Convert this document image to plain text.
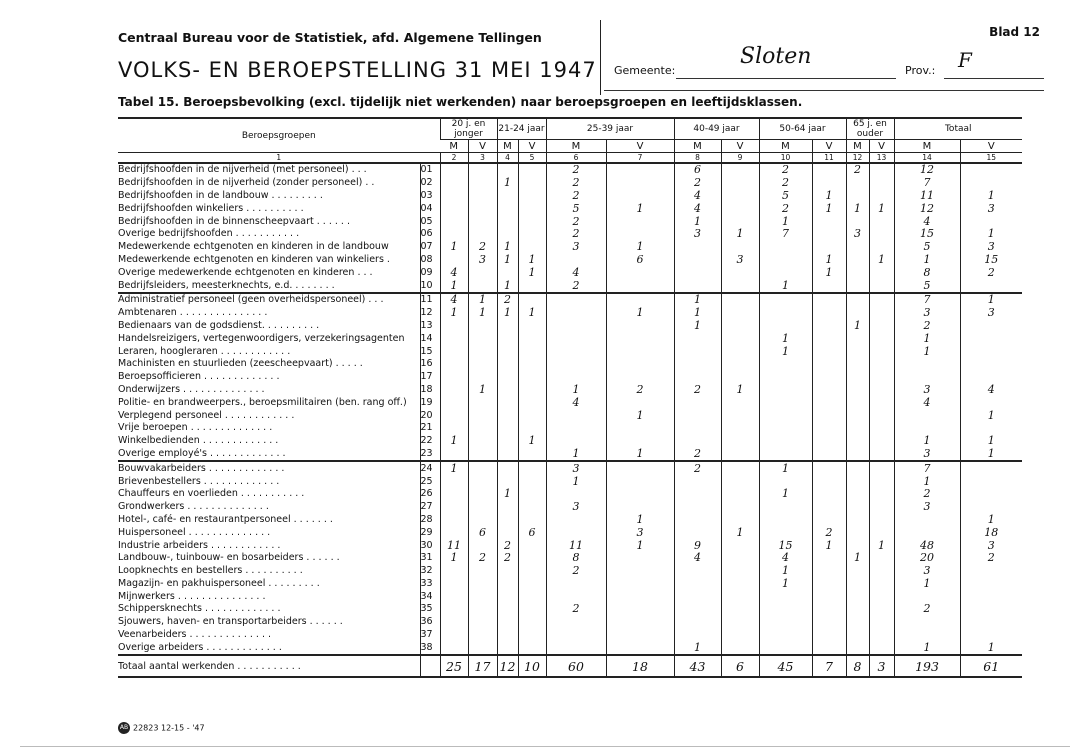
Centraal Bureau voor de Statistiek, afd. Algemene Tellingen
VOLKS- EN BEROEPSTELLING 31 MEI 1947 Gemeente:
Sloten
Prov.: F
Blad 12
Tabel 15. Beroepsbevolking (excl. tijdelijk niet werkenden) naar beroepsgroepen en leeftijdsklassen.
Beroepsgroepen		20 j. en jonger		21-24 jaar		25-39 jaar		40-49 jaar		50-64 jaar		65 j. en ouder		Totaal	
		M	V	M	V	M	V	M	V	M	V	M	V	M	V
1		2	3	4	5	6	7	8	9	10	11	12	13	14	15
Bedrijfshoofden in de nijverheid (met personeel) . . .	01					2		6		2		2		12	
Bedrijfshoofden in de nijverheid (zonder personeel) . .	02			1		2		2		2				7	
Bedrijfshoofden in de landbouw . . . . . . . . .	03					2		4		5	1			11	1
Bedrijfshoofden winkeliers . . . . . . . . . .	04					5	1	4		2	1	1	1	12	3
Bedrijfshoofden in de binnenscheepvaart . . . . . .	05					2		1		1				4	
Overige bedrijfshoofden . . . . . . . . . . .	06					2		3	1	7		3		15	1
Medewerkende echtgenoten en kinderen in de landbouw	07	1	2	1		3	1							5	3
Medewerkende echtgenoten en kinderen van winkeliers .	08		3	1	1		6		3		1		1	1	15
Overige medewerkende echtgenoten en kinderen . . .	09	4			1	4					1			8	2
Bedrijfsleiders, meesterknechts, e.d. . . . . . . .	10	1		1		2				1				5	
Administratief personeel (geen overheidspersoneel) . . .	11	4	1	2				1						7	1
Ambtenaren . . . . . . . . . . . . . . .	12	1	1	1	1		1	1						3	3
Bedienaars van de godsdienst. . . . . . . . . .	13							1				1		2	
Handelsreizigers, vertegenwoordigers, verzekeringsagenten	14									1				1	
Leraren, hoogleraren . . . . . . . . . . . .	15									1				1	
Machinisten en stuurlieden (zeescheepvaart) . . . . .	16														
Beroepsofficieren . . . . . . . . . . . . .	17														
Onderwijzers . . . . . . . . . . . . . .	18		1			1	2	2	1					3	4
Politie- en brandweerpers., beroepsmilitairen (ben. rang off.)	19					4								4	
Verplegend personeel . . . . . . . . . . . .	20						1								1
Vrije beroepen . . . . . . . . . . . . . .	21														
Winkelbedienden . . . . . . . . . . . . .	22	1			1									1	1
Overige employé's . . . . . . . . . . . . .	23					1	1	2						3	1
Bouwvakarbeiders . . . . . . . . . . . . .	24	1				3		2		1				7	
Brievenbestellers . . . . . . . . . . . . .	25					1								1	
Chauffeurs en voerlieden . . . . . . . . . . .	26			1						1				2	
Grondwerkers . . . . . . . . . . . . . .	27					3								3	
Hotel-, café- en restaurantpersoneel . . . . . . .	28						1								1
Huispersoneel . . . . . . . . . . . . . .	29		6		6		3		1		2				18
Industrie arbeiders . . . . . . . . . . . .	30	11		2		11	1	9		15	1		1	48	3
Landbouw-, tuinbouw- en bosarbeiders . . . . . .	31	1	2	2		8		4		4		1		20	2
Loopknechts en bestellers . . . . . . . . . .	32					2				1				3	
Magazijn- en pakhuispersoneel . . . . . . . . .	33									1				1	
Mijnwerkers . . . . . . . . . . . . . . .	34														
Schippersknechts . . . . . . . . . . . . .	35					2								2	
Sjouwers, haven- en transportarbeiders . . . . . .	36														
Veenarbeiders . . . . . . . . . . . . . .	37														
Overige arbeiders . . . . . . . . . . . . .	38							1						1	1
Totaal aantal werkenden . . . . . . . . . . .		25	17	12	10	60	18	43	6	45	7	8	3	193	61
AB 22823 12-15 - '47
